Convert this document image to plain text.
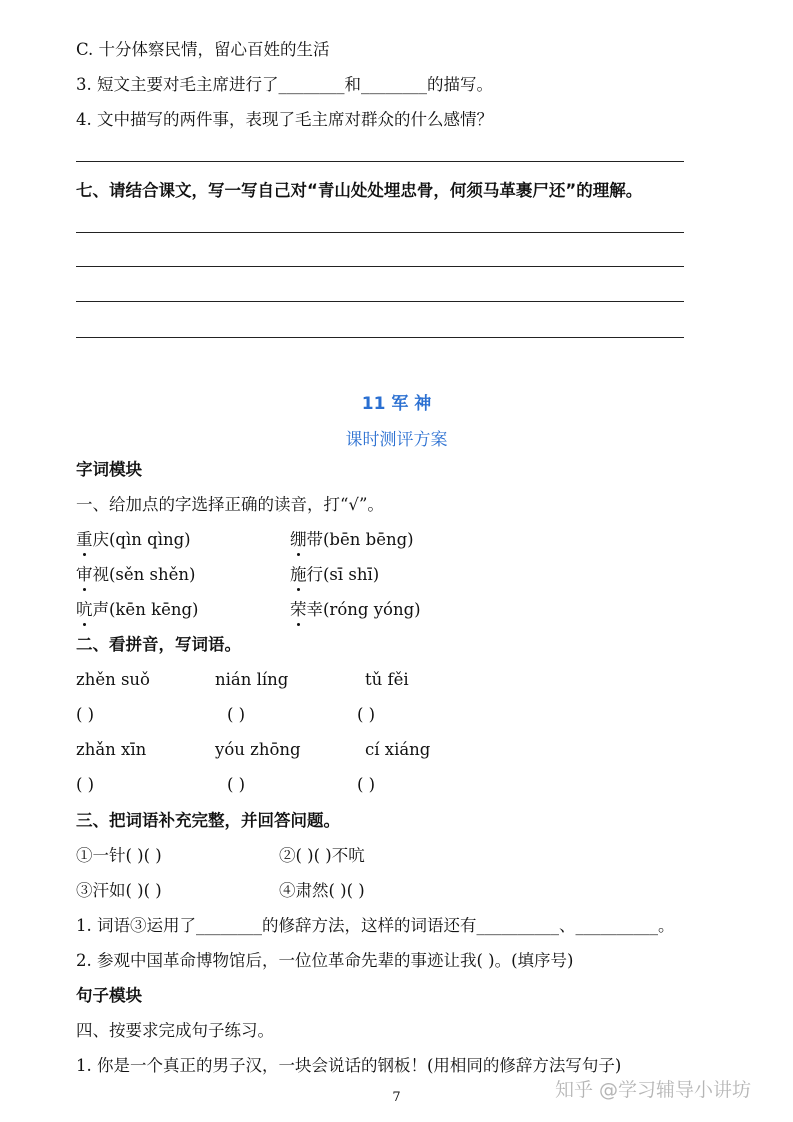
C. 十分体察民情，留心百姓的生活
3. 短文主要对毛主席进行了________和________的描写。
4. 文中描写的两件事，表现了毛主席对群众的什么感情？
七、请结合课文，写一写自己对“青山处处埋忠骨，何须马革裹尸还”的理解。
11 军 神
课时测评方案
字词模块
一、给加点的字选择正确的读音，打“√”。
重庆(qìn qìng)	绷带(bēn bēng)
审视(sěn shěn)	施行(sī shī)
吭声(kēn kēng)	荣幸(róng yóng)
二、看拼音，写词语。
zhěn suǒ	nián líng	tǔ fěi
( )	( )	( )
zhǎn xīn	yóu zhōng	cí xiáng
( )	( )	( )
三、把词语补充完整，并回答问题。
①一针( )( )	②( )( )不吭
③汗如( )( )	④肃然( )( )
1. 词语③运用了________的修辞方法，这样的词语还有__________、__________。
2. 参观中国革命博物馆后，一位位革命先辈的事迹让我( )。(填序号)
句子模块
四、按要求完成句子练习。
1. 你是一个真正的男子汉，一块会说话的钢板！(用相同的修辞方法写句子)
7	知乎 @学习辅导小讲坊
